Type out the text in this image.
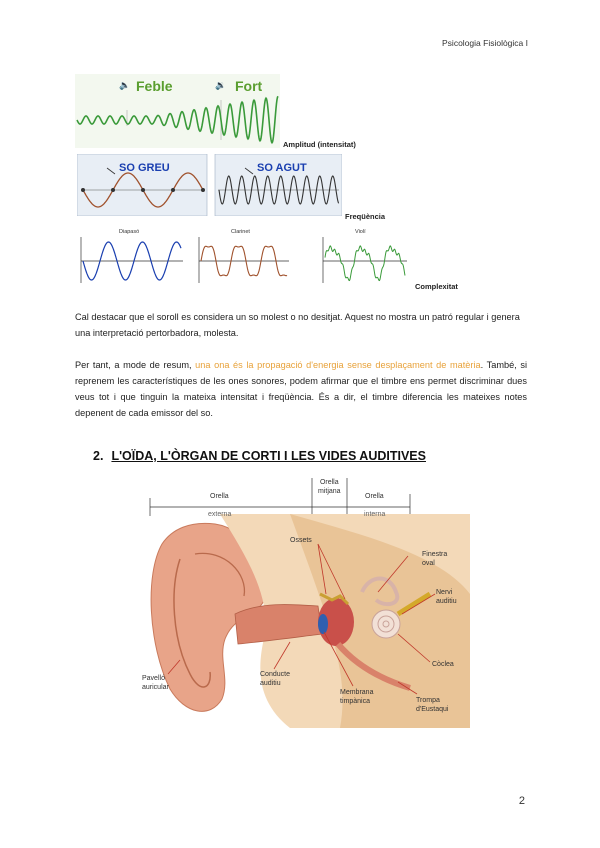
Psicologia Fisiològica I
🔈 Feble	🔉 Fort
Amplitud (intensitat)
SO GREU	SO AGUT
Freqüència
Diapasó	Clarinet	Violí
Complexitat
Cal destacar que el soroll es considera un so molest o no desitjat. Aquest no mostra un patró regular i genera una interpretació pertorbadora, molesta.
Per tant, a mode de resum, una ona és la propagació d'energia sense desplaçament de matèria. També, si reprenem les característiques de les ones sonores, podem afirmar que el timbre ens permet discriminar dues veus tot i que tinguin la mateixa intensitat i freqüència. És a dir, el timbre diferencia les mateixes notes depenent de cada emissor del so.
2. L'OÏDA, L'ÒRGAN DE CORTI I LES VIDES AUDITIVES
Orella
externa
Orella
mitjana
Orella
interna
Ossets
Finestra
oval
Nervi
auditiu
Còclea
Pavelló
auricular
Conducte
auditiu
Membrana
timpànica	Trompa
d'Eustaqui
2
